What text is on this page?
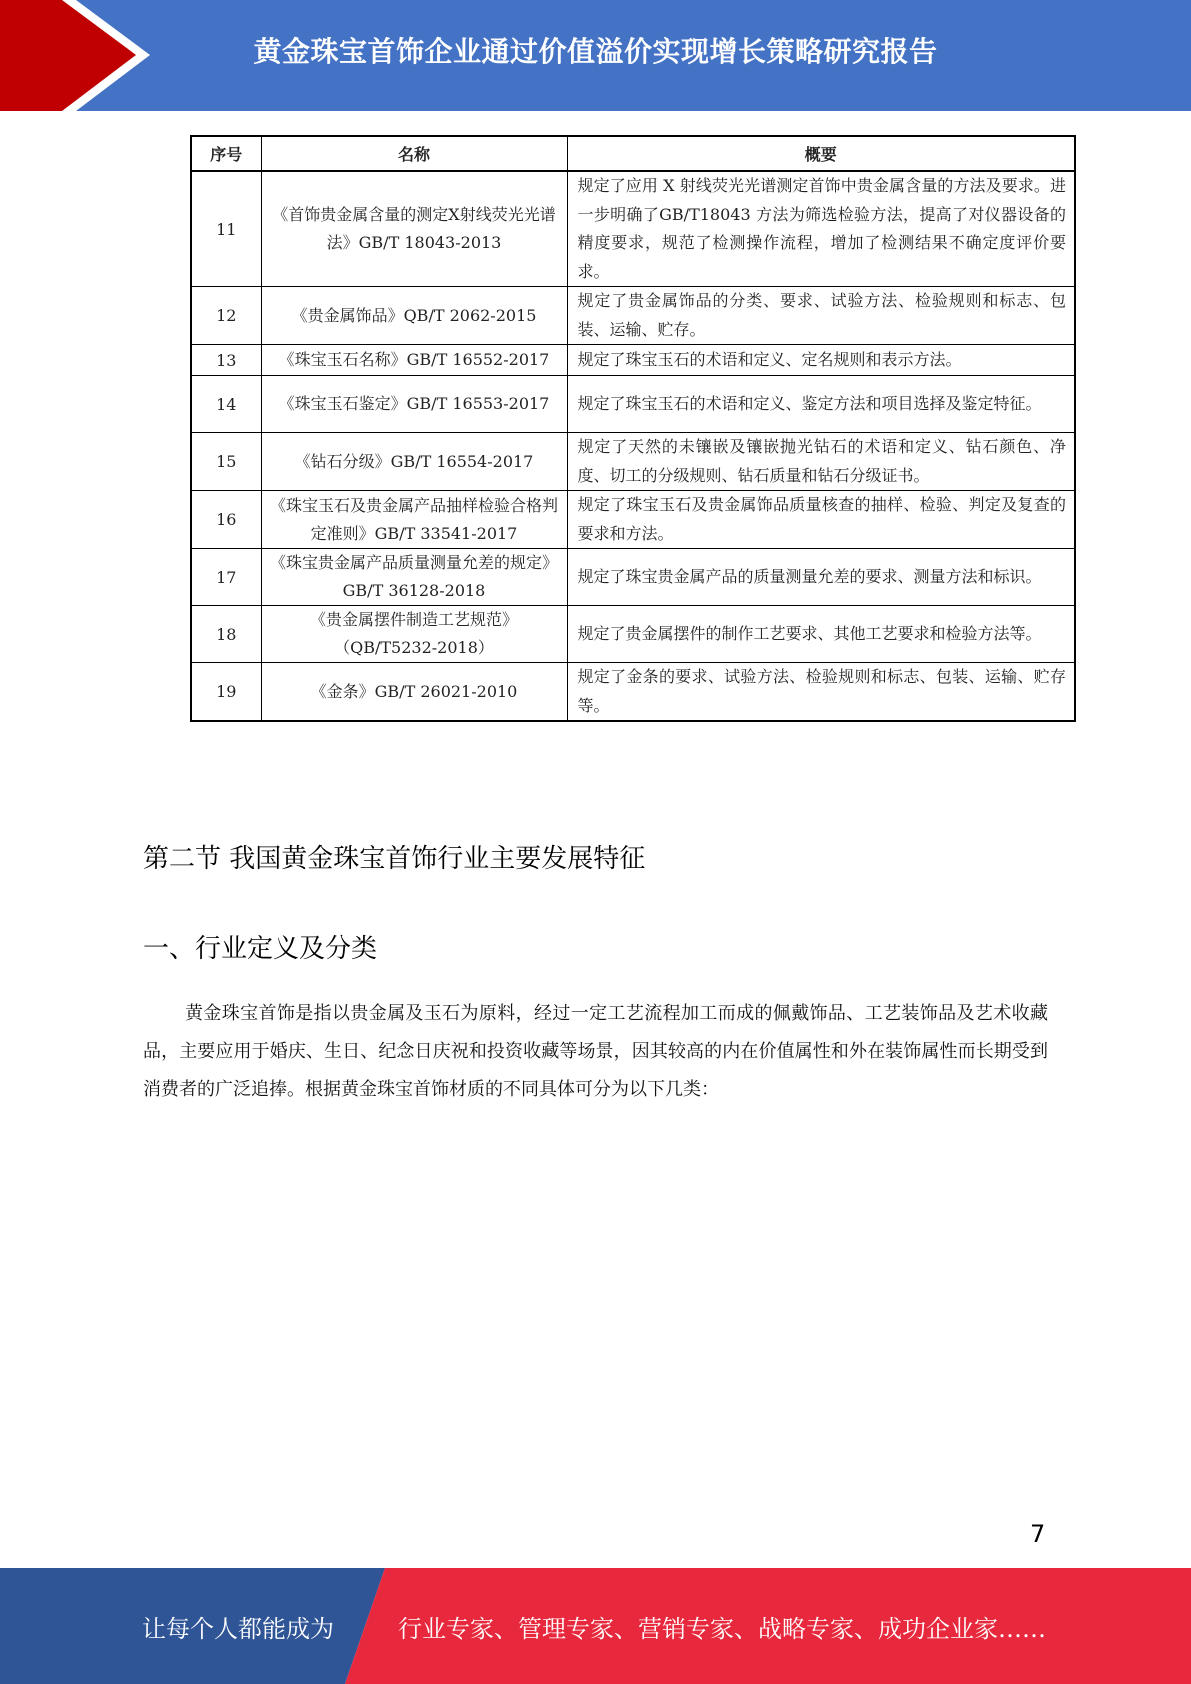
黄金珠宝首饰企业通过价值溢价实现增长策略研究报告
序号	名称	概要
11	《首饰贵金属含量的测定X射线荧光光谱法》GB/T 18043-2013	规定了应用 X 射线荧光光谱测定首饰中贵金属含量的方法及要求。进一步明确了GB/T18043 方法为筛选检验方法，提高了对仪器设备的精度要求，规范了检测操作流程，增加了检测结果不确定度评价要求。
12	《贵金属饰品》QB/T 2062-2015	规定了贵金属饰品的分类、要求、试验方法、检验规则和标志、包装、运输、贮存。
13	《珠宝玉石名称》GB/T 16552-2017	规定了珠宝玉石的术语和定义、定名规则和表示方法。
14	《珠宝玉石鉴定》GB/T 16553-2017	规定了珠宝玉石的术语和定义、鉴定方法和项目选择及鉴定特征。
15	《钻石分级》GB/T 16554-2017	规定了天然的未镶嵌及镶嵌抛光钻石的术语和定义、钻石颜色、净度、切工的分级规则、钻石质量和钻石分级证书。
16	《珠宝玉石及贵金属产品抽样检验合格判定准则》GB/T 33541-2017	规定了珠宝玉石及贵金属饰品质量核查的抽样、检验、判定及复查的要求和方法。
17	《珠宝贵金属产品质量测量允差的规定》GB/T 36128-2018	规定了珠宝贵金属产品的质量测量允差的要求、测量方法和标识。
18	《贵金属摆件制造工艺规范》（QB/T5232-2018）	规定了贵金属摆件的制作工艺要求、其他工艺要求和检验方法等。
19	《金条》GB/T 26021-2010	规定了金条的要求、试验方法、检验规则和标志、包装、运输、贮存等。
第二节 我国黄金珠宝首饰行业主要发展特征
一、行业定义及分类

黄金珠宝首饰是指以贵金属及玉石为原料，经过一定工艺流程加工而成的佩戴饰品、工艺装饰品及艺术收藏品，主要应用于婚庆、生日、纪念日庆祝和投资收藏等场景，因其较高的内在价值属性和外在装饰属性而长期受到消费者的广泛追捧。根据黄金珠宝首饰材质的不同具体可分为以下几类：

7
让每个人都能成为	行业专家、管理专家、营销专家、战略专家、成功企业家……
